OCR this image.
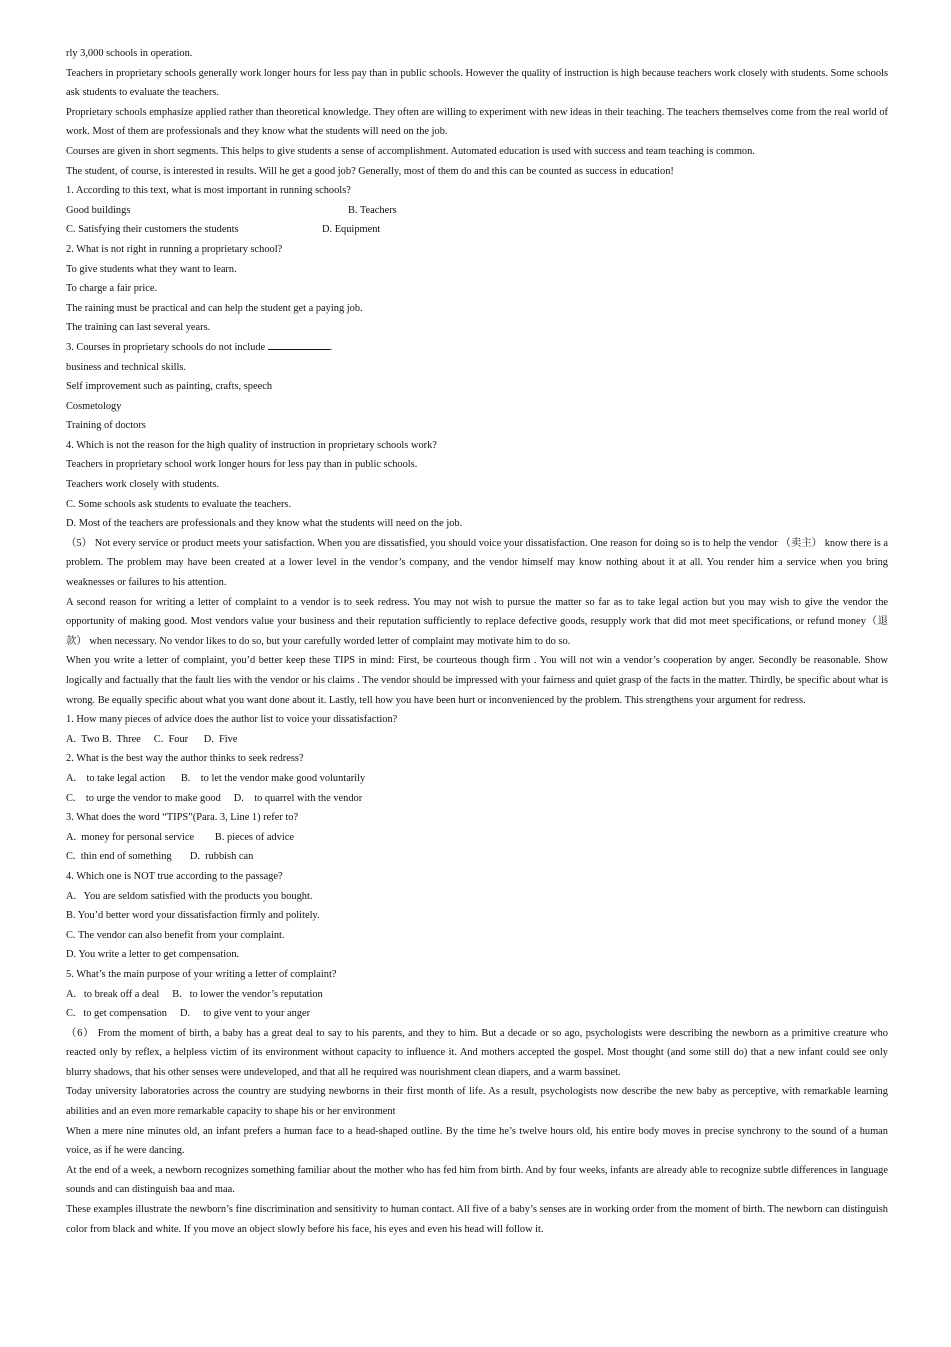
rly 3,000 schools in operation.

Teachers in proprietary schools generally work longer hours for less pay than in public schools. However the quality of instruction is high because teachers work closely with students. Some schools ask students to evaluate the teachers.

Proprietary schools emphasize applied rather than theoretical knowledge. They often are willing to experiment with new ideas in their teaching. The teachers themselves come from the real world of work. Most of them are professionals and they know what the students will need on the job.

Courses are given in short segments. This helps to give students a sense of accomplishment. Automated education is used with success and team teaching is common.

The student, of course, is interested in results. Will he get a good job? Generally, most of them do and this can be counted as success in education!

1. According to this text, what is most important in running schools?

Good buildings	B. Teachers
C. Satisfying their customers the students	D. Equipment

2. What is not right in running a proprietary school?

To give students what they want to learn.

To charge a fair price.

The raining must be practical and can help the student get a paying job.

The training can last several years.

3. Courses in proprietary schools do not include	.

business and technical skills.

Self improvement such as painting, crafts, speech

Cosmetology

Training of doctors

4. Which is not the reason for the high quality of instruction in proprietary schools work?

Teachers in proprietary school work longer hours for less pay than in public schools.

Teachers work closely with students.

C. Some schools ask students to evaluate the teachers.

D. Most of the teachers are professionals and they know what the students will need on the job.

（5） Not every service or product meets your satisfaction. When you are dissatisfied, you should voice your dissatisfaction. One reason for doing so is to help the vendor （卖主） know there is a problem. The problem may have been created at a lower level in the vendor’s company, and the vendor himself may know nothing about it at all. You render him a service when you bring weaknesses or failures to his attention.

A second reason for writing a letter of complaint to a vendor is to seek redress. You may not wish to pursue the matter so far as to take legal action but you may wish to give the vendor the opportunity of making good. Most vendors value your business and their reputation sufficiently to replace defective goods, resupply work that did mot meet specifications, or refund money（退款） when necessary. No vendor likes to do so, but your carefully worded letter of complaint may motivate him to do so.

When you write a letter of complaint, you’d better keep these TIPS in mind: First, be courteous though firm . You will not win a vendor’s cooperation by anger. Secondly be reasonable. Show logically and factually that the fault lies with the vendor or his claims . The vendor should be impressed with your fairness and quiet grasp of the facts in the matter. Thirdly, be specific about what is wrong. Be equally specific about what you want done about it. Lastly, tell how you have been hurt or inconvenienced by the problem. This strengthens your argument for redress.

1. How many pieces of advice does the author list to voice your dissatisfaction?

A.  Two B.  Three     C.  Four      D.  Five

2. What is the best way the author thinks to seek redress?

A.    to take legal action      B.    to let the vendor make good voluntarily

C.    to urge the vendor to make good     D.    to quarrel with the vendor

3. What does the word “TIPS”(Para. 3, Line 1) refer to?

A.  money for personal service        B. pieces of advice

C.  thin end of something       D.  rubbish can

4. Which one is NOT true according to the passage?

A.   You are seldom satisfied with the products you bought.

B. You’d better word your dissatisfaction firmly and politely.

C. The vendor can also benefit from your complaint.

D. You write a letter to get compensation.

5. What’s the main purpose of your writing a letter of complaint?

A.   to break off a deal     B.   to lower the vendor’s reputation

C.   to get compensation     D.     to give vent to your anger

（6） From the moment of birth, a baby has a great deal to say to his parents, and they to him. But a decade or so ago, psychologists were describing the newborn as a primitive creature who reacted only by reflex, a helpless victim of its environment without capacity to influence it. And mothers accepted the gospel. Most thought (and some still do) that a new infant could see only blurry shadows, that his other senses were undeveloped, and that all he required was nourishment clean diapers, and a warm bassinet.

Today university laboratories across the country are studying newborns in their first month of life. As a result, psychologists now describe the new baby as perceptive, with remarkable learning abilities and an even more remarkable capacity to shape his or her environment

When a mere nine minutes old, an infant prefers a human face to a head-shaped outline. By the time he’s twelve hours old, his entire body moves in precise synchrony to the sound of a human voice, as if he were dancing.

At the end of a week, a newborn recognizes something familiar about the mother who has fed him from birth. And by four weeks, infants are already able to recognize subtle differences in language sounds and can distinguish baa and maa.

These examples illustrate the newborn’s fine discrimination and sensitivity to human contact. All five of a baby’s senses are in working order from the moment of birth. The newborn can distinguish color from black and white. If you move an object slowly before his face, his eyes and even his head will follow it.
